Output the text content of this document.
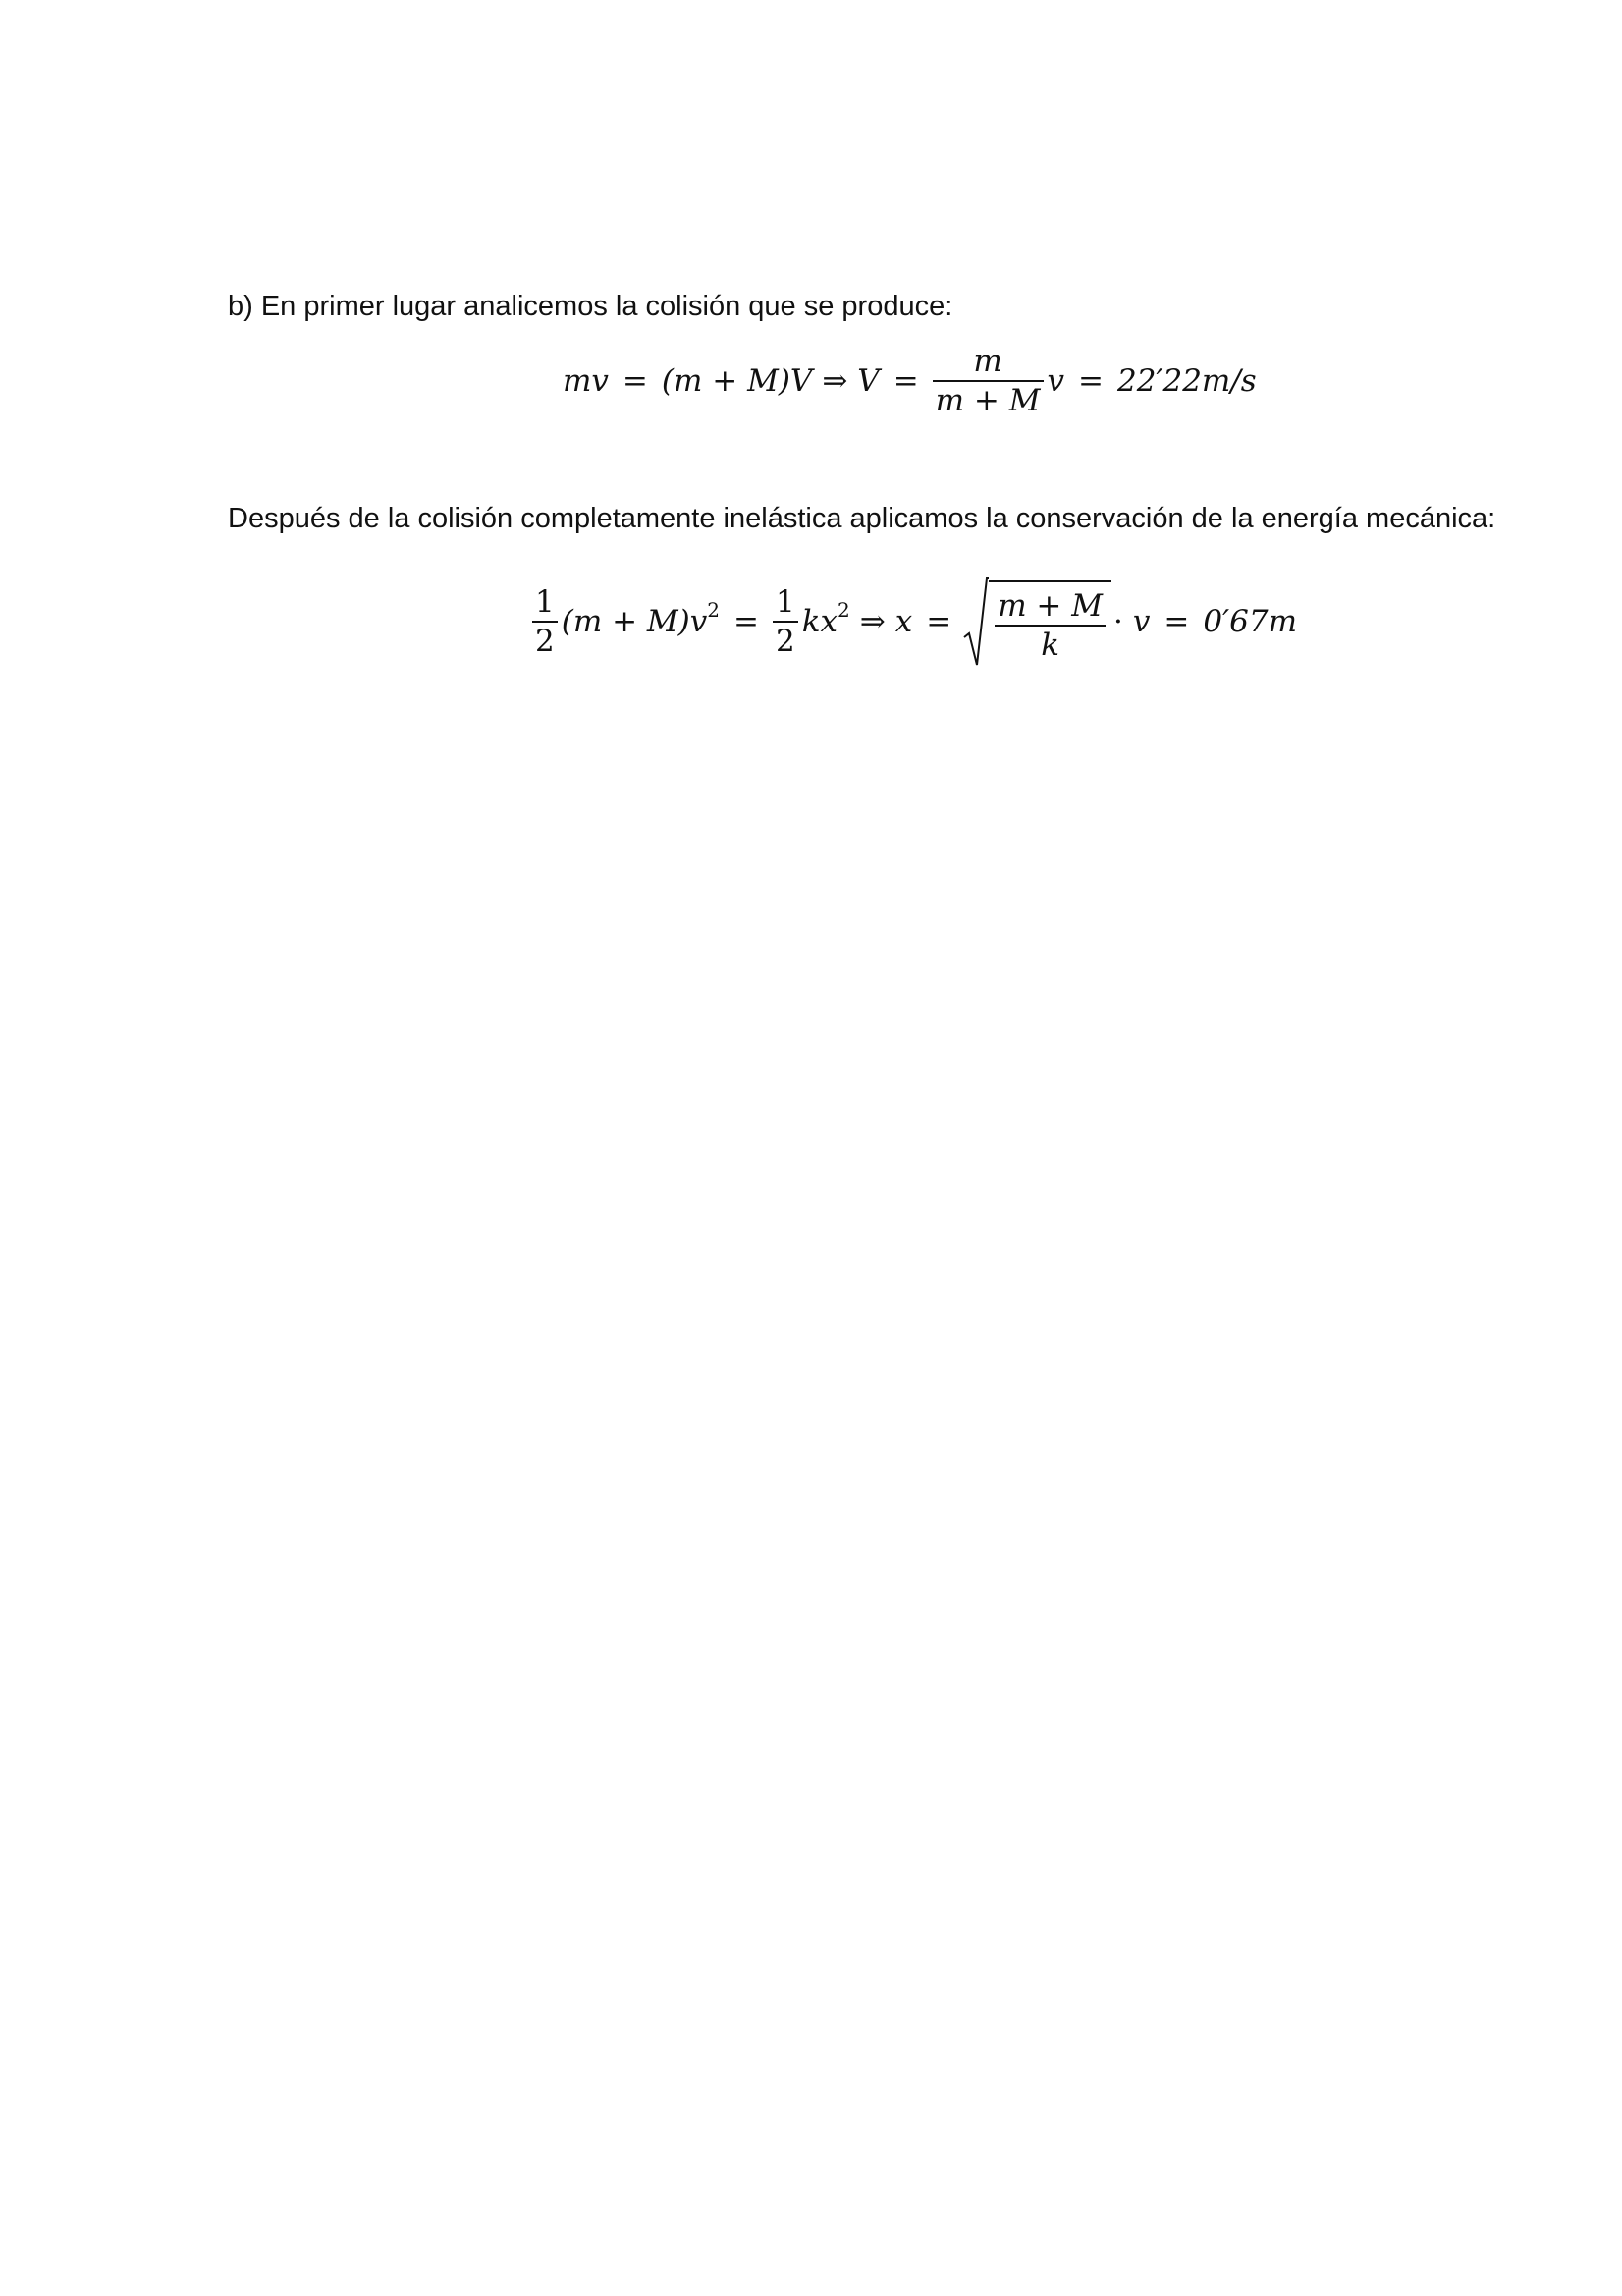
b) En primer lugar analicemos la colisión que se produce:
mv = (m + M)V ⇒ $V = \frac{m}{m + M}$ v = 22′22m/s
Después de la colisión completamente inelástica aplicamos la conservación de la energía mecánica:
$\frac{1}{2} (m + M)v^2 = \frac{1}{2} kx^2$ ⇒ $x = \frac{m + M}{k} \cdot v = 0'67m$
